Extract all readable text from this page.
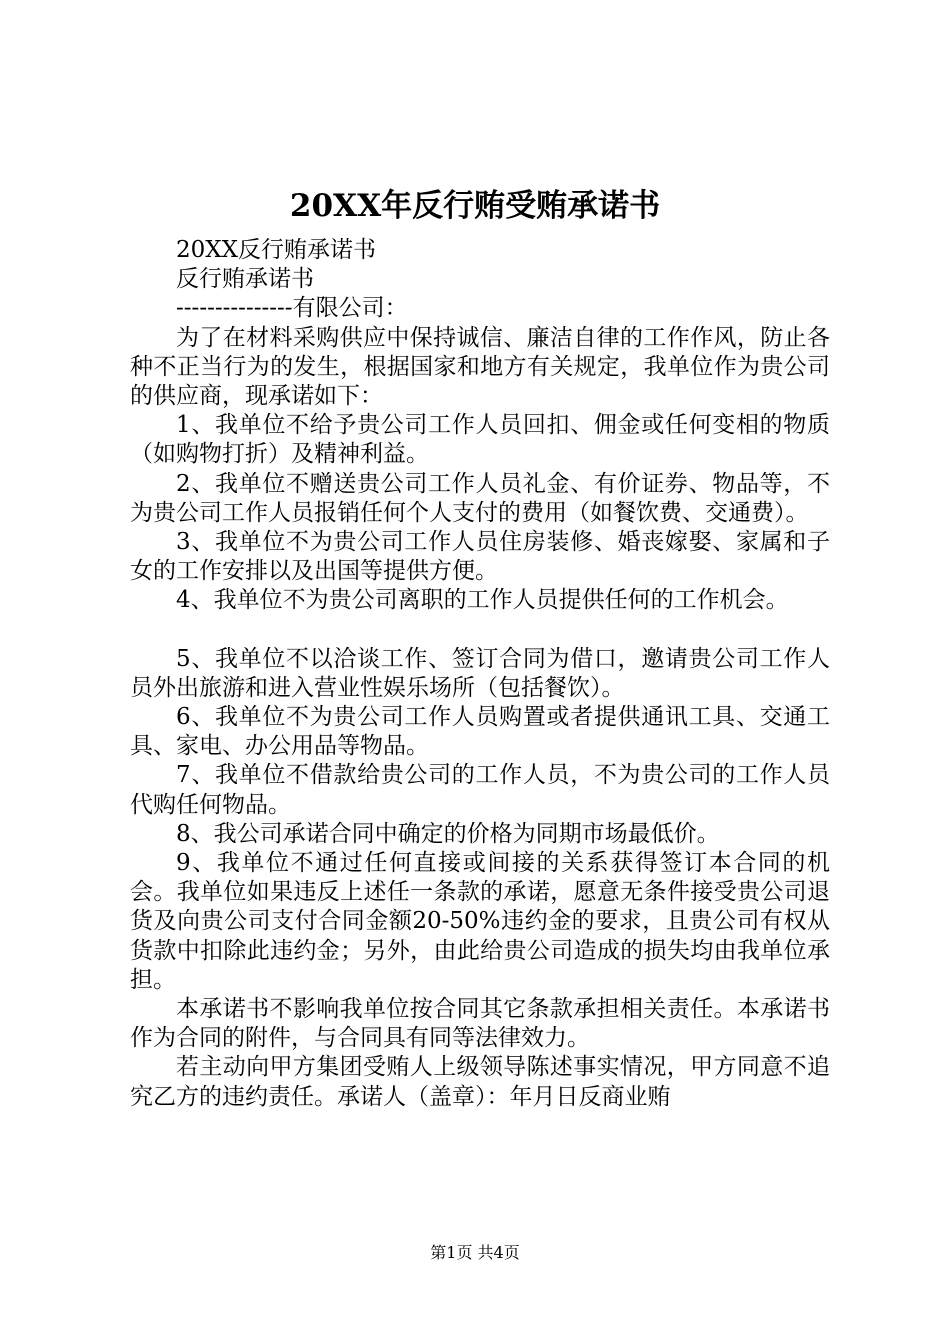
20XX年反行贿受贿承诺书

20XX反行贿承诺书

反行贿承诺书

---------------有限公司：

为了在材料采购供应中保持诚信、廉洁自律的工作作风，防止各种不正当行为的发生，根据国家和地方有关规定，我单位作为贵公司的供应商，现承诺如下：

1、我单位不给予贵公司工作人员回扣、佣金或任何变相的物质（如购物打折）及精神利益。

2、我单位不赠送贵公司工作人员礼金、有价证券、物品等，不为贵公司工作人员报销任何个人支付的费用（如餐饮费、交通费）。

3、我单位不为贵公司工作人员住房装修、婚丧嫁娶、家属和子女的工作安排以及出国等提供方便。

4、我单位不为贵公司离职的工作人员提供任何的工作机会。

5、我单位不以洽谈工作、签订合同为借口，邀请贵公司工作人员外出旅游和进入营业性娱乐场所（包括餐饮）。

6、我单位不为贵公司工作人员购置或者提供通讯工具、交通工具、家电、办公用品等物品。

7、我单位不借款给贵公司的工作人员，不为贵公司的工作人员代购任何物品。

8、我公司承诺合同中确定的价格为同期市场最低价。

9、我单位不通过任何直接或间接的关系获得签订本合同的机会。我单位如果违反上述任一条款的承诺，愿意无条件接受贵公司退货及向贵公司支付合同金额20-50%违约金的要求，且贵公司有权从货款中扣除此违约金；另外，由此给贵公司造成的损失均由我单位承担。

本承诺书不影响我单位按合同其它条款承担相关责任。本承诺书作为合同的附件，与合同具有同等法律效力。

若主动向甲方集团受贿人上级领导陈述事实情况，甲方同意不追究乙方的违约责任。承诺人（盖章）：年月日反商业贿

第1页 共4页
